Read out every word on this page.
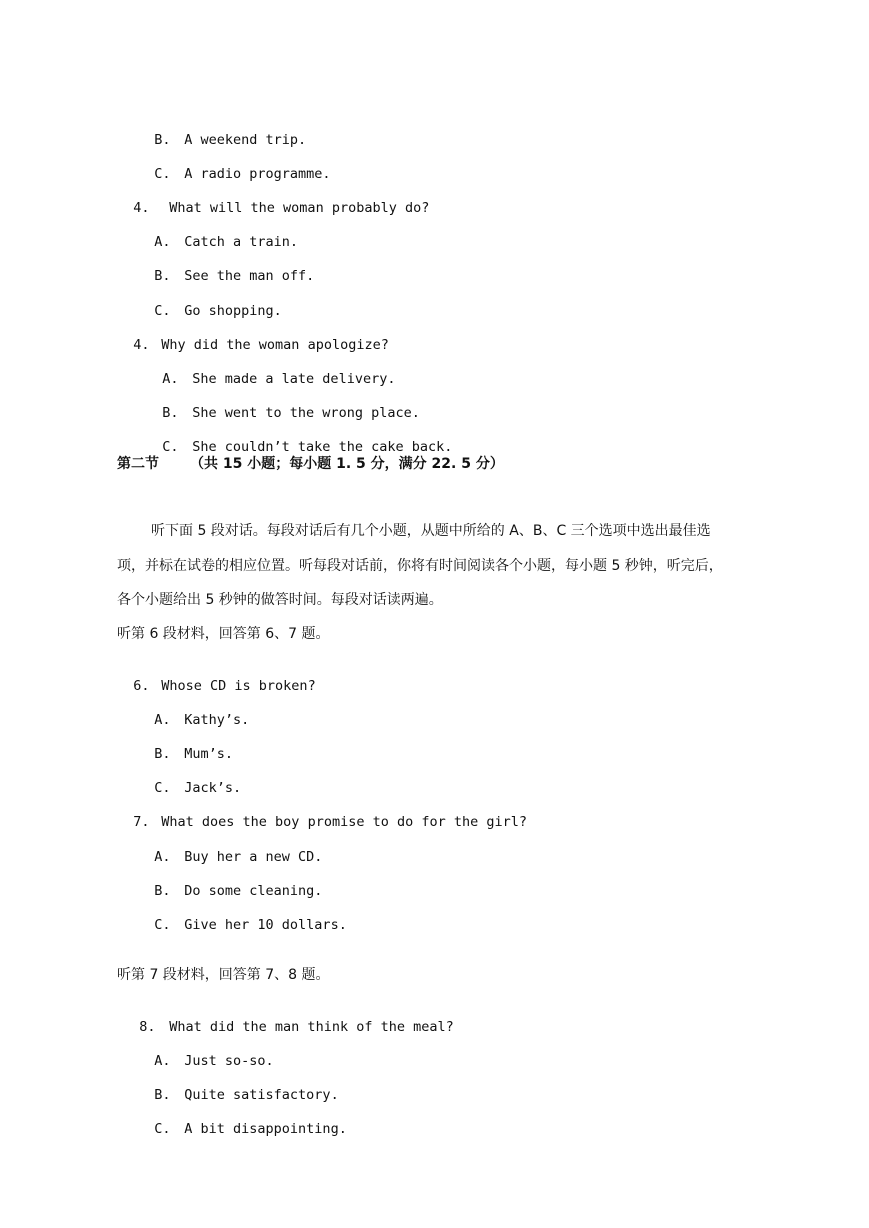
B. A weekend trip.

C. A radio programme.

4. What will the woman probably do?

A. Catch a train.

B. See the man off.

C. Go shopping.

4. Why did the woman apologize?

A. She made a late delivery.

B. She went to the wrong place.

C. She couldn’t take the cake back.

第二节 （共 15 小题；每小题 1. 5 分，满分 22. 5 分）
听下面 5 段对话。每段对话后有几个小题，从题中所给的 A、B、C 三个选项中选出最佳选
项，并标在试卷的相应位置。听每段对话前，你将有时间阅读各个小题，每小题 5 秒钟，听完后，
各个小题给出 5 秒钟的做答时间。每段对话读两遍。
听第 6 段材料，回答第 6、7 题。

6. Whose CD is broken?

A. Kathy’s.

B. Mum’s.

C. Jack’s.

7. What does the boy promise to do for the girl?

A. Buy her a new CD.

B. Do some cleaning.

C. Give her 10 dollars.

听第 7 段材料，回答第 7、8 题。

8. What did the man think of the meal?

A. Just so-so.

B. Quite satisfactory.

C. A bit disappointing.
